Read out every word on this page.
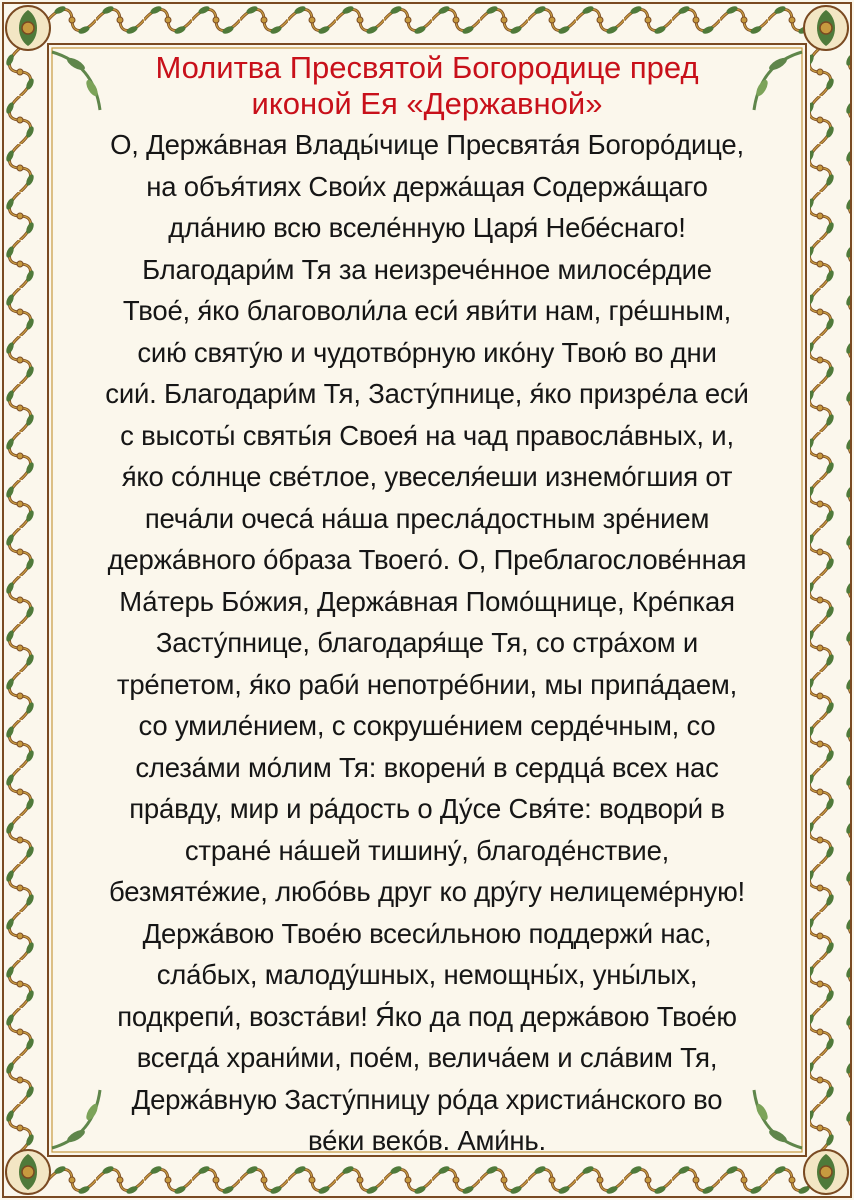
Молитва Пресвятой Богородице пред
иконой Ея «Державной»
О, Держа́вная Влады́чице Пресвята́я Богоро́дице,
на объя́тиях Свои́х держа́щая Содержа́щаго
дла́нию всю вселе́нную Царя́ Небе́снаго!
Благодари́м Тя за неизрече́нное милосе́рдие
Твое́, я́ко благоволи́ла еси́ яви́ти нам, гре́шным,
сию́ святу́ю и чудотво́рную ико́ну Твою́ во дни
сии́. Благодари́м Тя, Засту́пнице, я́ко призре́ла еси́
с высоты́ святы́я Своея́ на чад правосла́вных, и,
я́ко со́лнце све́тлое, увеселя́еши изнемо́гшия от
печа́ли очеса́ на́ша пресла́достным зре́нием
держа́вного о́браза Твоего́. О, Преблагослове́нная
Ма́терь Бо́жия, Держа́вная Помо́щнице, Кре́пкая
Засту́пнице, благодаря́ще Тя, со стра́хом и
тре́петом, я́ко раби́ непотре́бнии, мы припа́даем,
со умиле́нием, с сокруше́нием серде́чным, со
слеза́ми мо́лим Тя: вкорени́ в сердца́ всех нас
пра́вду, мир и ра́дость о Ду́се Свя́те: водвори́ в
стране́ на́шей тишину́, благоде́нствие,
безмяте́жие, любо́вь друг ко дру́гу нелицеме́рную!
Держа́вою Твое́ю всеси́льною поддержи́ нас,
сла́бых, малоду́шных, немощны́х, уны́лых,
подкрепи́, возста́ви! Я́ко да под держа́вою Твое́ю
всегда́ храни́ми, пое́м, велича́ем и сла́вим Тя,
Держа́вную Засту́пницу ро́да христиа́нского во
ве́ки веко́в. Ами́нь.
